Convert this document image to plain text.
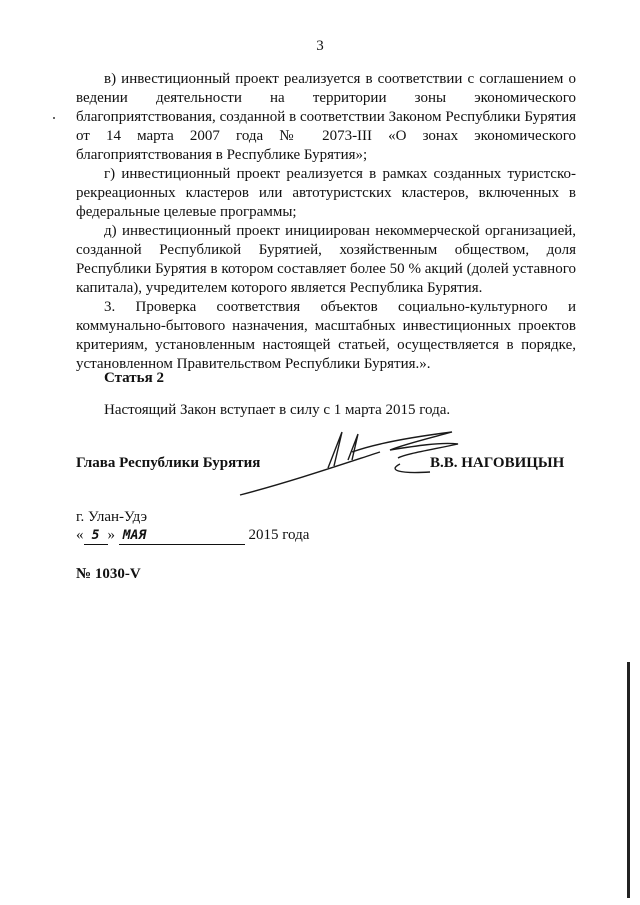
3

в) инвестиционный проект реализуется в соответствии с соглашением о ведении деятельности на территории зоны экономического благоприятствования, созданной в соответствии Законом Республики Бурятия от 14 марта 2007 года № 2073-III «О зонах экономического благоприятствования в Республике Бурятия»;

г) инвестиционный проект реализуется в рамках созданных туристско-рекреационных кластеров или автотуристских кластеров, включенных в федеральные целевые программы;

д) инвестиционный проект инициирован некоммерческой организацией, созданной Республикой Бурятией, хозяйственным обществом, доля Республики Бурятия в котором составляет более 50 % акций (долей уставного капитала), учредителем которого является Республика Бурятия.

3. Проверка соответствия объектов социально-культурного и коммунально-бытового назначения, масштабных инвестиционных проектов критериям, установленным настоящей статьей, осуществляется в порядке, установленном Правительством Республики Бурятия.».

Статья 2
Настоящий Закон вступает в силу с 1 марта 2015 года.
Глава Республики Бурятия	В.В. НАГОВИЦЫН
г. Улан-Удэ
« 5 » МАЯ	2015 года
№ 1030-V
